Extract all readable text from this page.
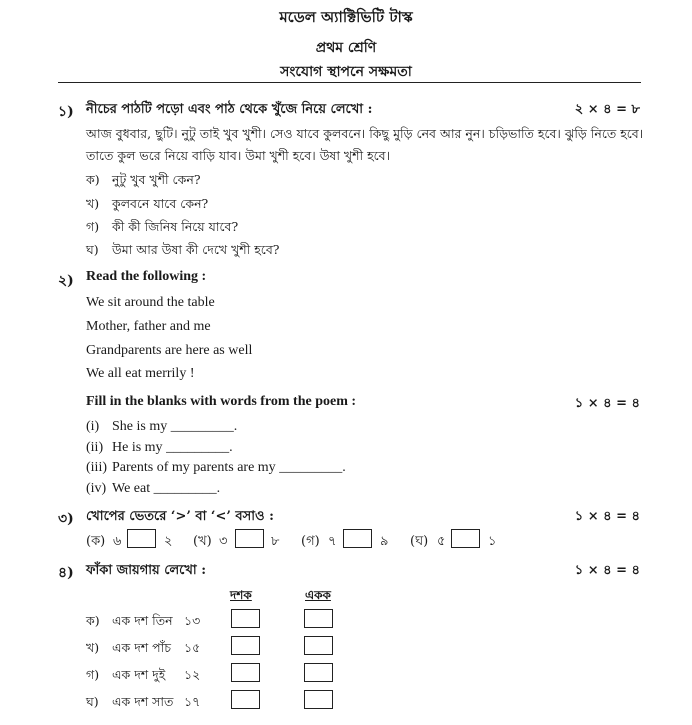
মডেল অ্যাক্টিভিটি টাস্ক
প্রথম শ্রেণি
সংযোগ স্থাপনে সক্ষমতা
১) নীচের পাঠটি পড়ো এবং পাঠ থেকে খুঁজে নিয়ে লেখো :	২ × ৪ = ৮
আজ বুধবার, ছুটি। নুটু তাই খুব খুশী। সেও যাবে কুলবনে। কিছু মুড়ি নেব আর নুন। চড়িভাতি হবে। ঝুড়ি নিতে হবে।
তাতে কুল ভরে নিয়ে বাড়ি যাব। উমা খুশী হবে। উষা খুশী হবে।
ক) নুটু খুব খুশী কেন?
খ) কুলবনে যাবে কেন?
গ) কী কী জিনিষ নিয়ে যাবে?
ঘ) উমা আর উষা কী দেখে খুশী হবে?
২) Read the following :
We sit around the table
Mother, father and me
Grandparents are here as well
We all eat merrily !
Fill in the blanks with words from the poem :	১ × ৪ = ৪
(i) She is my _________.
(ii) He is my _________.
(iii) Parents of my parents are my _________.
(iv) We eat _________.
৩) খোপের ভেতরে ‘>’ বা ‘<’ বসাও :	১ × ৪ = ৪
(ক) ৬	২ (খ) ৩	৮ (গ) ৭	৯ (ঘ) ৫	১
৪) ফাঁকা জায়গায় লেখো :	১ × ৪ = ৪
দশক	একক
ক) এক দশ তিন ১৩
খ) এক দশ পাঁচ ১৫
গ) এক দশ দুই ১২
ঘ) এক দশ সাত ১৭
